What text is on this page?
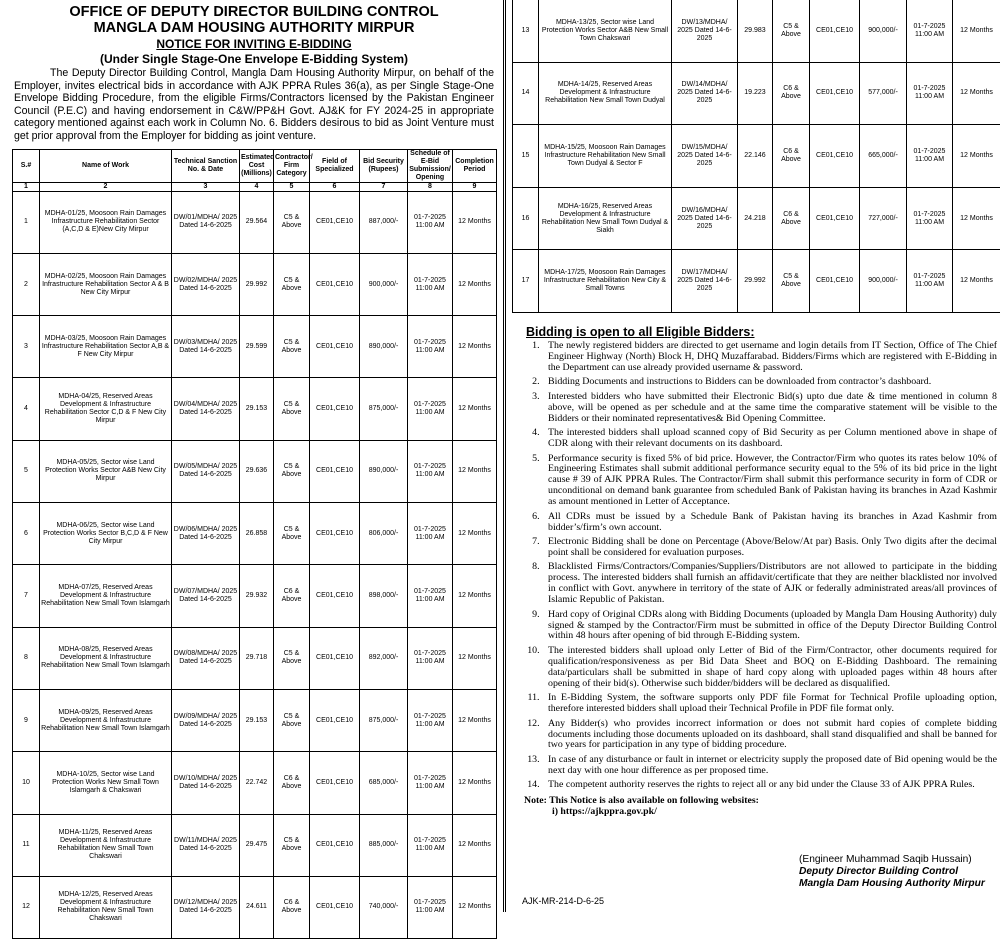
OFFICE OF DEPUTY DIRECTOR BUILDING CONTROL
MANGLA DAM HOUSING AUTHORITY MIRPUR
NOTICE FOR INVITING E-BIDDING
(Under Single Stage-One Envelope E-Bidding System)
The Deputy Director Building Control, Mangla Dam Housing Authority Mirpur, on behalf of the Employer, invites electrical bids in accordance with AJK PPRA Rules 36(a), as per Single Stage-One Envelope Bidding Procedure, from the eligible Firms/Contractors licensed by the Pakistan Engineer Council (P.E.C) and having endorsement in C&W/PP&H Govt. AJ&K for FY 2024-25 in appropriate category mentioned against each work in Column No. 6. Bidders desirous to bid as Joint Venture must get prior approval from the Employer for bidding as joint venture.
S.#	Name of Work	Technical Sanction No. & Date	Estimated Cost (Millions)	Contractor/ Firm Category	Field of Specialized	Bid Security (Rupees)	Schedule of E-Bid Submission/ Opening	Completion Period
1	2	3	4	5	6	7	8	9
1	MDHA-01/25, Moosoon Rain Damages Infrastructure Rehabilitation Sector (A,C,D & E)New City Mirpur	DW/01/MDHA/ 2025 Dated 14-6-2025	29.564	C5 & Above	CE01,CE10	887,000/-	01-7-2025 11:00 AM	12 Months
2	MDHA-02/25, Moosoon Rain Damages Infrastructure Rehabilitation Sector A & B New City Mirpur	DW/02/MDHA/ 2025 Dated 14-6-2025	29.992	C5 & Above	CE01,CE10	900,000/-	01-7-2025 11:00 AM	12 Months
3	MDHA-03/25, Moosoon Rain Damages Infrastructure Rehabilitation Sector A,B & F New City Mirpur	DW/03/MDHA/ 2025 Dated 14-6-2025	29.599	C5 & Above	CE01,CE10	890,000/-	01-7-2025 11:00 AM	12 Months
4	MDHA-04/25, Reserved Areas Development & Infrastructure Rehabilitation Sector C,D & F New City Mirpur	DW/04/MDHA/ 2025 Dated 14-6-2025	29.153	C5 & Above	CE01,CE10	875,000/-	01-7-2025 11:00 AM	12 Months
5	MDHA-05/25, Sector wise Land Protection Works Sector A&B New City Mirpur	DW/05/MDHA/ 2025 Dated 14-6-2025	29.636	C5 & Above	CE01,CE10	890,000/-	01-7-2025 11:00 AM	12 Months
6	MDHA-06/25, Sector wise Land Protection Works Sector B,C,D & F New City Mirpur	DW/06/MDHA/ 2025 Dated 14-6-2025	26.858	C5 & Above	CE01,CE10	806,000/-	01-7-2025 11:00 AM	12 Months
7	MDHA-07/25, Reserved Areas Development & Infrastructure Rehabilitation New Small Town Islamgarh	DW/07/MDHA/ 2025 Dated 14-6-2025	29.932	C6 & Above	CE01,CE10	898,000/-	01-7-2025 11:00 AM	12 Months
8	MDHA-08/25, Reserved Areas Development & Infrastructure Rehabilitation New Small Town Islamgarh	DW/08/MDHA/ 2025 Dated 14-6-2025	29.718	C5 & Above	CE01,CE10	892,000/-	01-7-2025 11:00 AM	12 Months
9	MDHA-09/25, Reserved Areas Development & Infrastructure Rehabilitation New Small Town Islamgarh	DW/09/MDHA/ 2025 Dated 14-6-2025	29.153	C5 & Above	CE01,CE10	875,000/-	01-7-2025 11:00 AM	12 Months
10	MDHA-10/25, Sector wise Land Protection Works New Small Town Islamgarh & Chakswari	DW/10/MDHA/ 2025 Dated 14-6-2025	22.742	C6 & Above	CE01,CE10	685,000/-	01-7-2025 11:00 AM	12 Months
11	MDHA-11/25, Reserved Areas Development & Infrastructure Rehabilitation New Small Town Chakswari	DW/11/MDHA/ 2025 Dated 14-6-2025	29.475	C5 & Above	CE01,CE10	885,000/-	01-7-2025 11:00 AM	12 Months
12	MDHA-12/25, Reserved Areas Development & Infrastructure Rehabilitation New Small Town Chakswari	DW/12/MDHA/ 2025 Dated 14-6-2025	24.611	C6 & Above	CE01,CE10	740,000/-	01-7-2025 11:00 AM	12 Months
13	MDHA-13/25, Sector wise Land Protection Works Sector A&B New Small Town Chakswari	DW/13/MDHA/ 2025 Dated 14-6-2025	29.983	C5 & Above	CE01,CE10	900,000/-	01-7-2025 11:00 AM	12 Months
14	MDHA-14/25, Reserved Areas Development & Infrastructure Rehabilitation New Small Town Dudyal	DW/14/MDHA/ 2025 Dated 14-6-2025	19.223	C6 & Above	CE01,CE10	577,000/-	01-7-2025 11:00 AM	12 Months
15	MDHA-15/25, Moosoon Rain Damages Infrastructure Rehabilitation New Small Town Dudyal & Sector F	DW/15/MDHA/ 2025 Dated 14-6-2025	22.146	C6 & Above	CE01,CE10	665,000/-	01-7-2025 11:00 AM	12 Months
16	MDHA-16/25, Reserved Areas Development & Infrastructure Rehabilitation New Small Town Dudyal & Siakh	DW/16/MDHA/ 2025 Dated 14-6-2025	24.218	C6 & Above	CE01,CE10	727,000/-	01-7-2025 11:00 AM	12 Months
17	MDHA-17/25, Moosoon Rain Damages Infrastructure Rehabilitation New City & Small Towns	DW/17/MDHA/ 2025 Dated 14-6-2025	29.992	C5 & Above	CE01,CE10	900,000/-	01-7-2025 11:00 AM	12 Months
Bidding is open to all Eligible Bidders:
1. The newly registered bidders are directed to get username and login details from IT Section, Office of The Chief Engineer Highway (North) Block H, DHQ Muzaffarabad. Bidders/Firms which are registered with E-Bidding in the Department can use already provided username & password.
2. Bidding Documents and instructions to Bidders can be downloaded from contractor’s dashboard.
3. Interested bidders who have submitted their Electronic Bid(s) upto due date & time mentioned in column 8 above, will be opened as per schedule and at the same time the comparative statement will be visible to the Bidders or their nominated representatives& Bid Opening Committee.
4. The interested bidders shall upload scanned copy of Bid Security as per Column mentioned above in shape of CDR along with their relevant documents on its dashboard.
5. Performance security is fixed 5% of bid price. However, the Contractor/Firm who quotes its rates below 10% of Engineering Estimates shall submit additional performance security equal to the 5% of its bid price in the light cause # 39 of AJK PPRA Rules. The Contractor/Firm shall submit this performance security in form of CDR or unconditional on demand bank guarantee from scheduled Bank of Pakistan having its branches in Azad Kashmir as amount mentioned in Letter of Acceptance.
6. All CDRs must be issued by a Schedule Bank of Pakistan having its branches in Azad Kashmir from bidder’s/firm’s own account.
7. Electronic Bidding shall be done on Percentage (Above/Below/At par) Basis. Only Two digits after the decimal point shall be considered for evaluation purposes.
8. Blacklisted Firms/Contractors/Companies/Suppliers/Distributors are not allowed to participate in the bidding process. The interested bidders shall furnish an affidavit/certificate that they are neither blacklisted nor involved in conflict with Govt. anywhere in territory of the state of AJK or federally administrated areas/all provinces of Islamic Republic of Pakistan.
9. Hard copy of Original CDRs along with Bidding Documents (uploaded by Mangla Dam Housing Authority) duly signed & stamped by the Contractor/Firm must be submitted in office of the Deputy Director Building Control within 48 hours after opening of bid through E-Bidding system.
10. The interested bidders shall upload only Letter of Bid of the Firm/Contractor, other documents required for qualification/responsiveness as per Bid Data Sheet and BOQ on E-Bidding Dashboard. The remaining data/particulars shall be submitted in shape of hard copy along with uploaded pages within 48 hours after opening of their bid(s). Otherwise such bidder/bidders will be declared as disqualified.
11. In E-Bidding System, the software supports only PDF file Format for Technical Profile uploading option, therefore interested bidders shall upload their Technical Profile in PDF file format only.
12. Any Bidder(s) who provides incorrect information or does not submit hard copies of complete bidding documents including those documents uploaded on its dashboard, shall stand disqualified and shall be banned for two years for participation in any type of bidding procedure.
13. In case of any disturbance or fault in internet or electricity supply the proposed date of Bid opening would be the next day with one hour difference as per proposed time.
14. The competent authority reserves the rights to reject all or any bid under the Clause 33 of AJK PPRA Rules.
Note: This Notice is also available on following websites:
i) https://ajkppra.gov.pk/
(Engineer Muhammad Saqib Hussain)
Deputy Director Building Control
Mangla Dam Housing Authority Mirpur
AJK-MR-214-D-6-25
